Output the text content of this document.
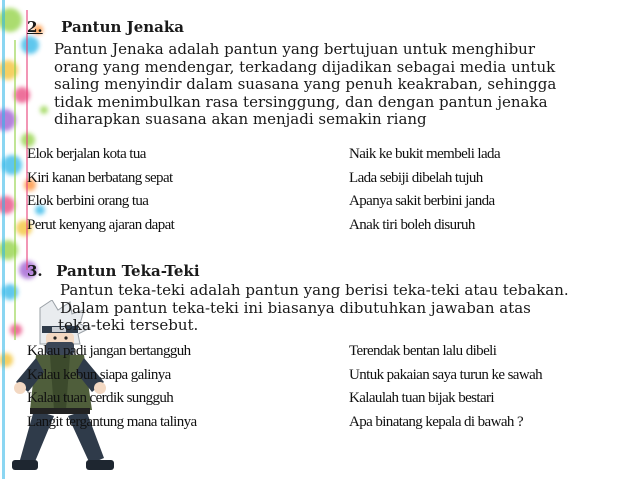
2. Pantun Jenaka
Pantun Jenaka adalah pantun yang bertujuan untuk menghibur
orang yang mendengar, terkadang dijadikan sebagai media untuk
saling menyindir dalam suasana yang penuh keakraban, sehingga
tidak menimbulkan rasa tersinggung, dan dengan pantun jenaka
diharapkan suasana akan menjadi semakin riang
Elok berjalan kota tua
Kiri kanan berbatang sepat
Elok berbini orang tua
Perut kenyang ajaran dapat
Naik ke bukit membeli lada
Lada sebiji dibelah tujuh
Apanya sakit berbini janda
Anak tiri boleh disuruh
3. Pantun Teka-Teki
Pantun teka-teki adalah pantun yang berisi teka-teki atau tebakan.
Dalam pantun teka-teki ini biasanya dibutuhkan jawaban atas
teka-teki tersebut.
Kalau padi jangan bertangguh
Kalau kebun siapa galinya
Kalau tuan cerdik sungguh
Langit tergantung mana talinya
Terendak bentan lalu dibeli
Untuk pakaian saya turun ke sawah
Kalaulah tuan bijak bestari
Apa binatang kepala di bawah ?
